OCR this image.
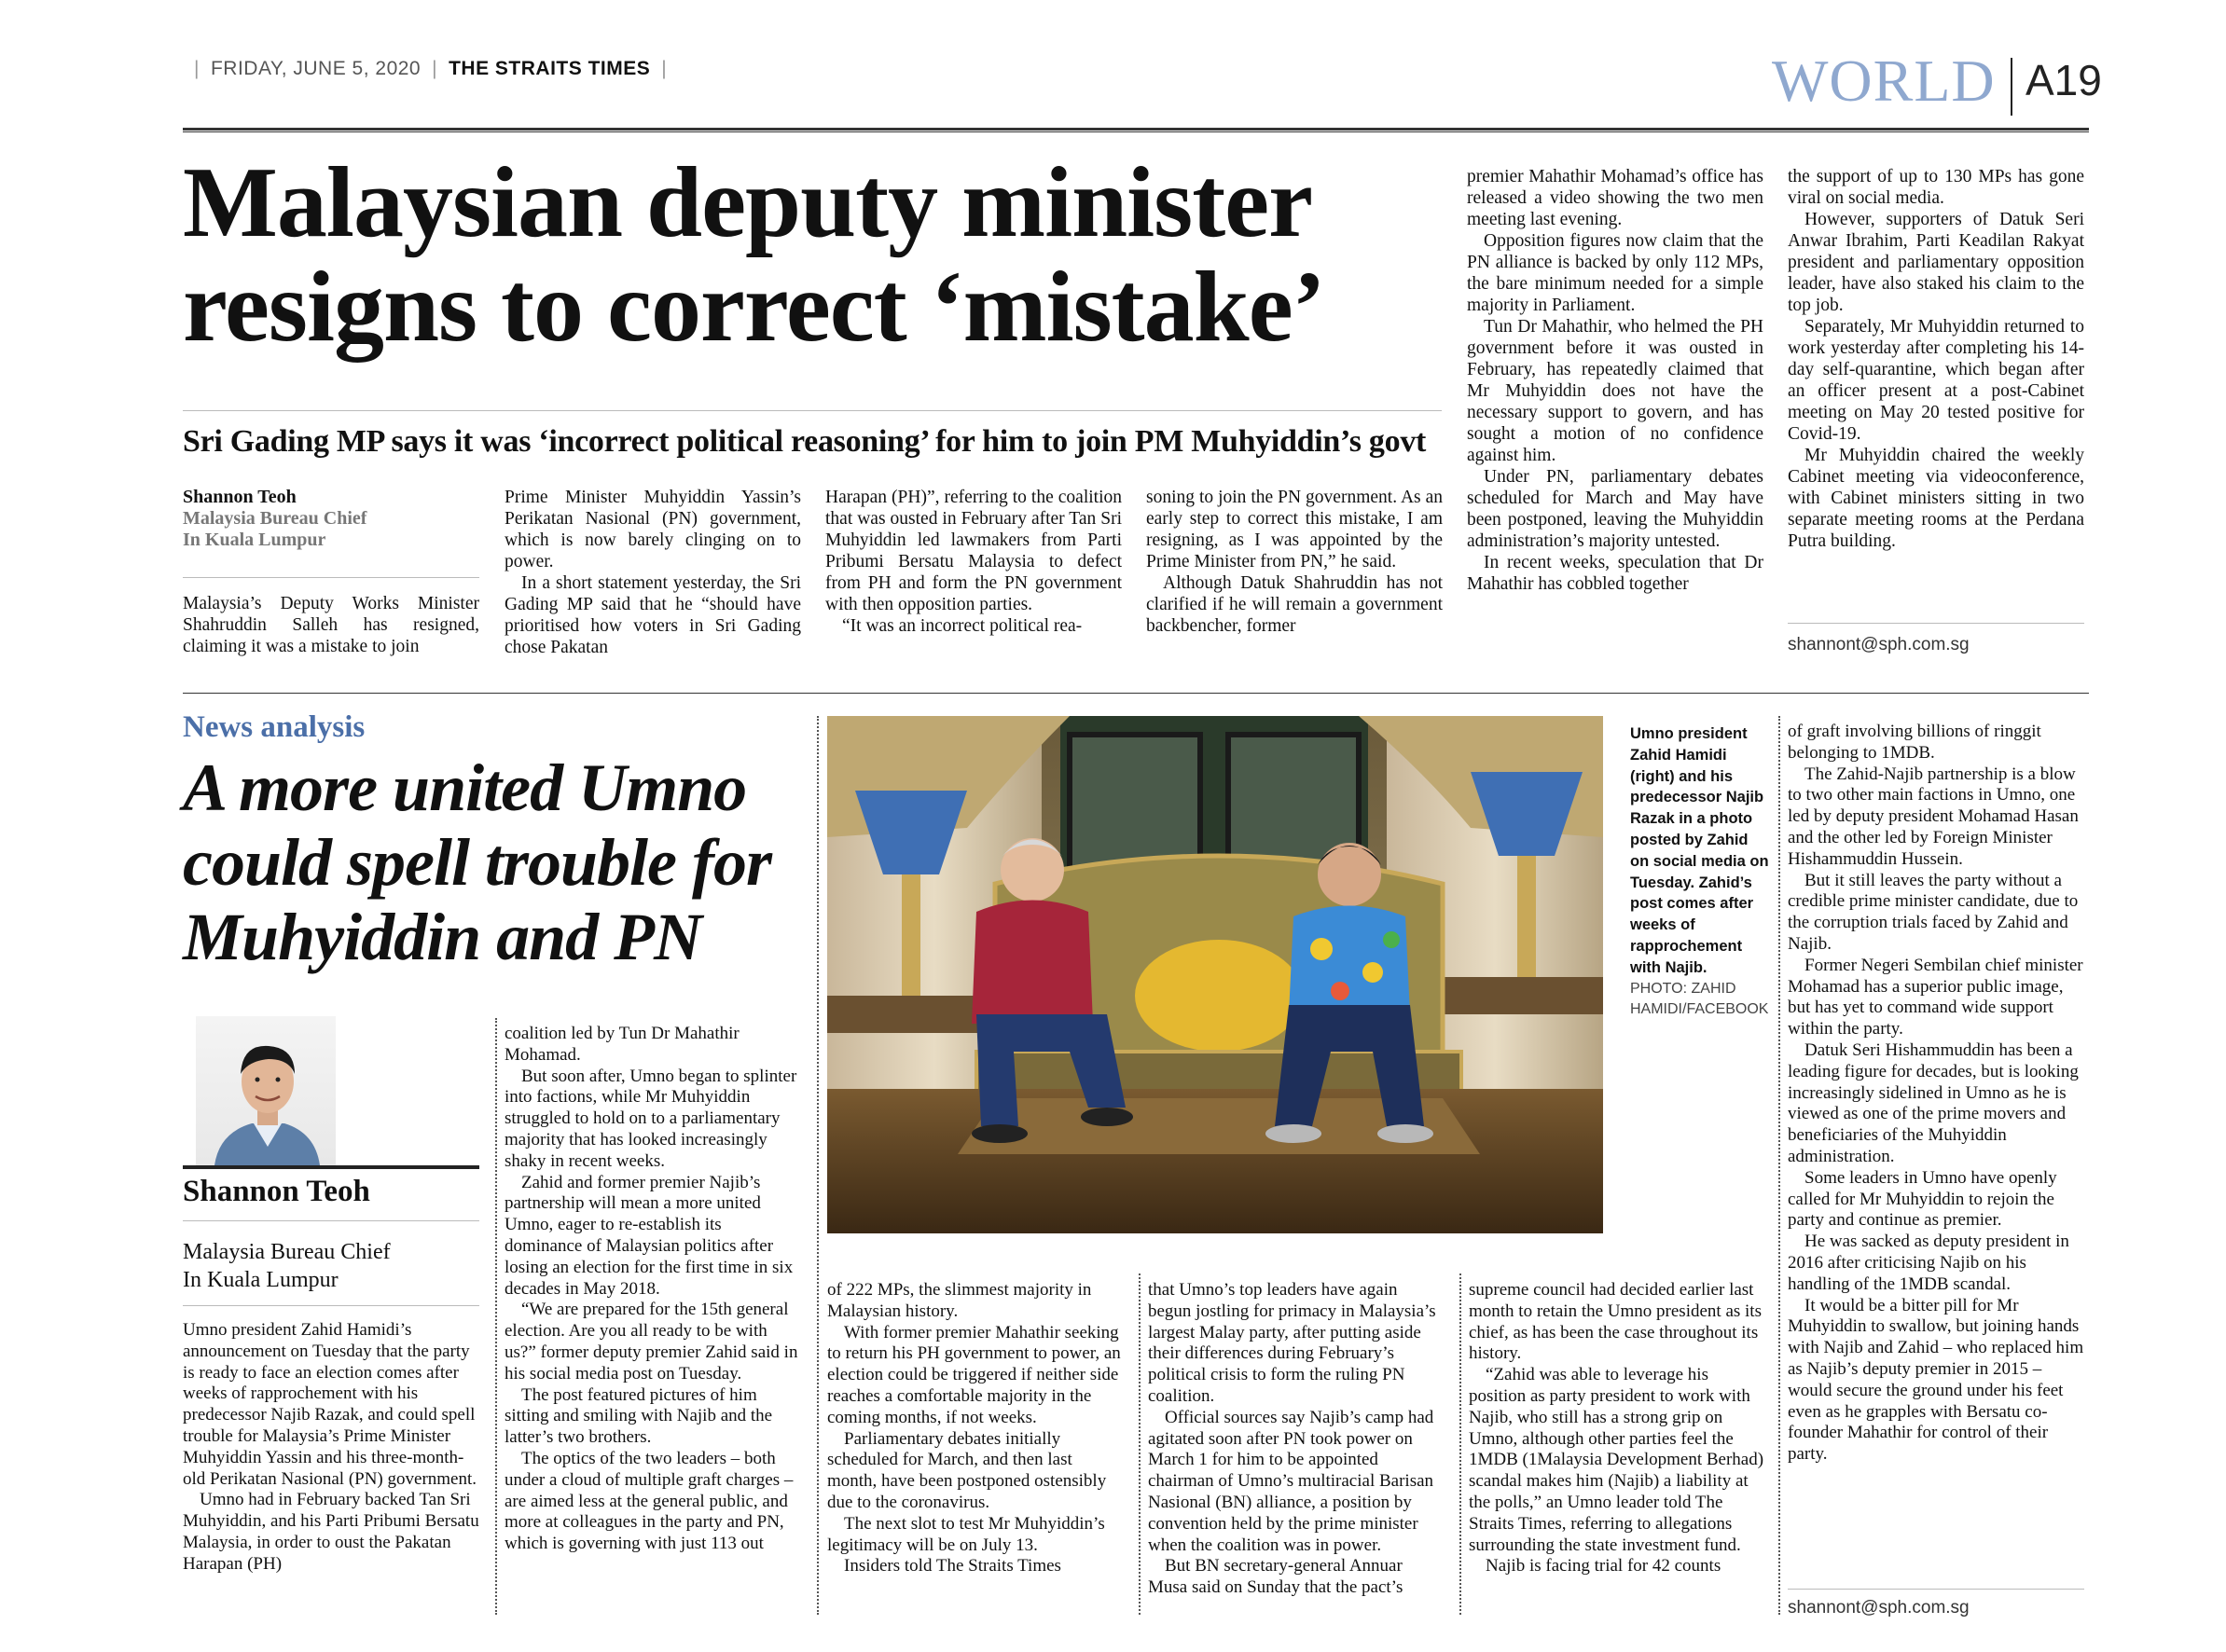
| FRIDAY, JUNE 5, 2020 | THE STRAITS TIMES |	WORLD A19
Malaysian deputy minister resigns to correct ‘mistake’
Sri Gading MP says it was ‘incorrect political reasoning’ for him to join PM Muhyiddin’s govt
Shannon Teoh
Malaysia Bureau Chief
In Kuala Lumpur

Malaysia’s Deputy Works Minister Shahruddin Salleh has resigned, claiming it was a mistake to join

Prime Minister Muhyiddin Yassin’s Perikatan Nasional (PN) government, which is now barely clinging on to power.

In a short statement yesterday, the Sri Gading MP said that he “should have prioritised how voters in Sri Gading chose Pakatan

Harapan (PH)”, referring to the coalition that was ousted in February after Tan Sri Muhyiddin led lawmakers from Parti Pribumi Bersatu Malaysia to defect from PH and form the PN government with then opposition parties.

“It was an incorrect political rea-

soning to join the PN government. As an early step to correct this mistake, I am resigning, as I was appointed by the Prime Minister from PN,” he said.

Although Datuk Shahruddin has not clarified if he will remain a government backbencher, former

premier Mahathir Mohamad’s office has released a video showing the two men meeting last evening.

Opposition figures now claim that the PN alliance is backed by only 112 MPs, the bare minimum needed for a simple majority in Parliament.

Tun Dr Mahathir, who helmed the PH government before it was ousted in February, has repeatedly claimed that Mr Muhyiddin does not have the necessary support to govern, and has sought a motion of no confidence against him.

Under PN, parliamentary debates scheduled for March and May have been postponed, leaving the Muhyiddin administration’s majority untested.

In recent weeks, speculation that Dr Mahathir has cobbled together

the support of up to 130 MPs has gone viral on social media.

However, supporters of Datuk Seri Anwar Ibrahim, Parti Keadilan Rakyat president and parliamentary opposition leader, have also staked his claim to the top job.

Separately, Mr Muhyiddin returned to work yesterday after completing his 14-day self-quarantine, which began after an officer present at a post-Cabinet meeting on May 20 tested positive for Covid-19.

Mr Muhyiddin chaired the weekly Cabinet meeting via videoconference, with Cabinet ministers sitting in two separate meeting rooms at the Perdana Putra building.

shannont@sph.com.sg
News analysis
A more united Umno
could spell trouble for
Muhyiddin and PN
Shannon Teoh
Malaysia Bureau Chief
In Kuala Lumpur

Umno president Zahid Hamidi’s announcement on Tuesday that the party is ready to face an election comes after weeks of rapprochement with his predecessor Najib Razak, and could spell trouble for Malaysia’s Prime Minister Muhyiddin Yassin and his three-month-old Perikatan Nasional (PN) government.

Umno had in February backed Tan Sri Muhyiddin, and his Parti Pribumi Bersatu Malaysia, in order to oust the Pakatan Harapan (PH)

coalition led by Tun Dr Mahathir Mohamad.

But soon after, Umno began to splinter into factions, while Mr Muhyiddin struggled to hold on to a parliamentary majority that has looked increasingly shaky in recent weeks.

Zahid and former premier Najib’s partnership will mean a more united Umno, eager to re-establish its dominance of Malaysian politics after losing an election for the first time in six decades in May 2018.

“We are prepared for the 15th general election. Are you all ready to be with us?” former deputy premier Zahid said in his social media post on Tuesday.

The post featured pictures of him sitting and smiling with Najib and the latter’s two brothers.

The optics of the two leaders – both under a cloud of multiple graft charges – are aimed less at the general public, and more at colleagues in the party and PN, which is governing with just 113 out

Umno president Zahid Hamidi (right) and his predecessor Najib Razak in a photo posted by Zahid on social media on Tuesday. Zahid’s post comes after weeks of rapprochement with Najib.
PHOTO: ZAHID HAMIDI/FACEBOOK

of 222 MPs, the slimmest majority in Malaysian history.

With former premier Mahathir seeking to return his PH government to power, an election could be triggered if neither side reaches a comfortable majority in the coming months, if not weeks.

Parliamentary debates initially scheduled for March, and then last month, have been postponed ostensibly due to the coronavirus.

The next slot to test Mr Muhyiddin’s legitimacy will be on July 13.

Insiders told The Straits Times

that Umno’s top leaders have again begun jostling for primacy in Malaysia’s largest Malay party, after putting aside their differences during February’s political crisis to form the ruling PN coalition.

Official sources say Najib’s camp had agitated soon after PN took power on March 1 for him to be appointed chairman of Umno’s multiracial Barisan Nasional (BN) alliance, a position by convention held by the prime minister when the coalition was in power.

But BN secretary-general Annuar Musa said on Sunday that the pact’s

supreme council had decided earlier last month to retain the Umno president as its chief, as has been the case throughout its history.

“Zahid was able to leverage his position as party president to work with Najib, who still has a strong grip on Umno, although other parties feel the 1MDB (1Malaysia Development Berhad) scandal makes him (Najib) a liability at the polls,” an Umno leader told The Straits Times, referring to allegations surrounding the state investment fund.

Najib is facing trial for 42 counts

of graft involving billions of ringgit belonging to 1MDB.

The Zahid-Najib partnership is a blow to two other main factions in Umno, one led by deputy president Mohamad Hasan and the other led by Foreign Minister Hishammuddin Hussein.

But it still leaves the party without a credible prime minister candidate, due to the corruption trials faced by Zahid and Najib.

Former Negeri Sembilan chief minister Mohamad has a superior public image, but has yet to command wide support within the party.

Datuk Seri Hishammuddin has been a leading figure for decades, but is looking increasingly sidelined in Umno as he is viewed as one of the prime movers and beneficiaries of the Muhyiddin administration.

Some leaders in Umno have openly called for Mr Muhyiddin to rejoin the party and continue as premier.

He was sacked as deputy president in 2016 after criticising Najib on his handling of the 1MDB scandal.

It would be a bitter pill for Mr Muhyiddin to swallow, but joining hands with Najib and Zahid – who replaced him as Najib’s deputy premier in 2015 – would secure the ground under his feet even as he grapples with Bersatu co-founder Mahathir for control of their party.

shannont@sph.com.sg
